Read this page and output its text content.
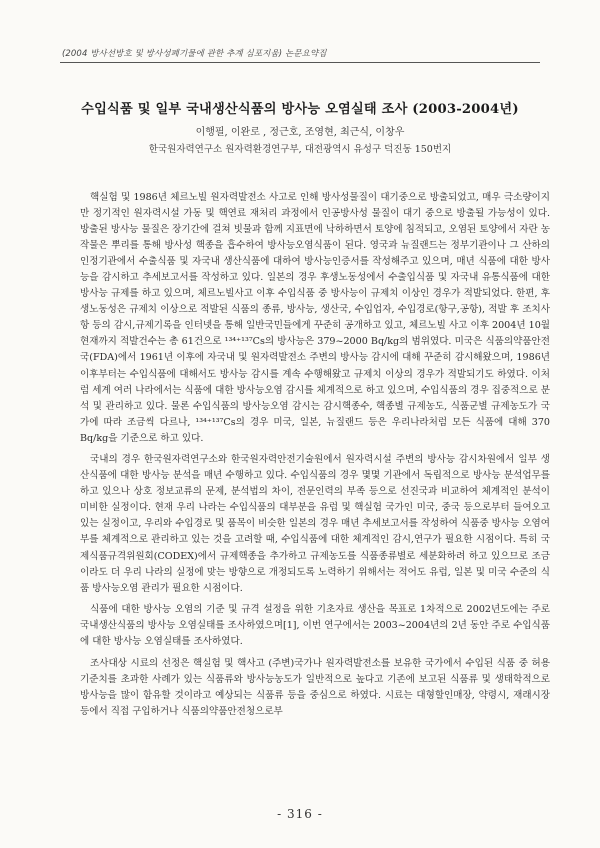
(2004 방사선방호 및 방사성폐기물에 관한 추계 심포지움) 논문요약집
수입식품 및 일부 국내생산식품의 방사능 오염실태 조사 (2003-2004년)
이행필, 이완로 , 정근호, 조영현, 최근식, 이창우
한국원자력연구소 원자력환경연구부, 대전광역시 유성구 덕진동 150번지

핵실험 및 1986년 체르노빌 원자력발전소 사고로 인해 방사성물질이 대기중으로 방출되었고, 매우 극소량이지만 정기적인 원자력시설 가동 및 핵연료 재처리 과정에서 인공방사성 물질이 대기 중으로 방출될 가능성이 있다. 방출된 방사능 물질은 장기간에 걸쳐 빗물과 함께 지표면에 낙하하면서 토양에 침적되고, 오염된 토양에서 자란 농작물은 뿌리를 통해 방사성 핵종을 흡수하여 방사능오염식품이 된다. 영국과 뉴질랜드는 정부기관이나 그 산하의 인정기관에서 수출식품 및 자국내 생산식품에 대하여 방사능인증서를 작성해주고 있으며, 매년 식품에 대한 방사능을 감시하고 추세보고서를 작성하고 있다. 일본의 경우 후생노동성에서 수출입식품 및 자국내 유통식품에 대한 방사능 규제를 하고 있으며, 체르노빌사고 이후 수입식품 중 방사능이 규제치 이상인 경우가 적발되었다. 한편, 후생노동성은 규제치 이상으로 적발된 식품의 종류, 방사능, 생산국, 수입업자, 수입경로(항구,공항), 적발 후 조치사항 등의 감시,규제기록을 인터넷을 통해 일반국민들에게 꾸준히 공개하고 있고, 체르노빌 사고 이후 2004년 10월 현재까지 적발건수는 총 61건으로 ¹³⁴⁺¹³⁷Cs의 방사능은 379~2000 Bq/kg의 범위였다. 미국은 식품의약품안전국(FDA)에서 1961년 이후에 자국내 및 원자력발전소 주변의 방사능 감시에 대해 꾸준히 감시해왔으며, 1986년 이후부터는 수입식품에 대해서도 방사능 감시를 계속 수행해왔고 규제치 이상의 경우가 적발되기도 하였다. 이처럼 세계 여러 나라에서는 식품에 대한 방사능오염 감시를 체계적으로 하고 있으며, 수입식품의 경우 집중적으로 분석 및 관리하고 있다. 물론 수입식품의 방사능오염 감시는 감시핵종수, 핵종별 규제농도, 식품군별 규제농도가 국가에 따라 조금씩 다르나, ¹³⁴⁺¹³⁷Cs의 경우 미국, 일본, 뉴질랜드 등은 우리나라처럼 모든 식품에 대해 370 Bq/kg을 기준으로 하고 있다.

국내의 경우 한국원자력연구소와 한국원자력안전기술원에서 원자력시설 주변의 방사능 감시차원에서 일부 생산식품에 대한 방사능 분석을 매년 수행하고 있다. 수입식품의 경우 몇몇 기관에서 독립적으로 방사능 분석업무를 하고 있으나 상호 정보교류의 문제, 분석법의 차이, 전문인력의 부족 등으로 선진국과 비교하여 체계적인 분석이 미비한 실정이다. 현재 우리 나라는 수입식품의 대부분을 유럽 및 핵실험 국가인 미국, 중국 등으로부터 들여오고 있는 실정이고, 우리와 수입경로 및 품목이 비슷한 일본의 경우 매년 추세보고서를 작성하여 식품중 방사능 오염여부를 체계적으로 관리하고 있는 것을 고려할 때, 수입식품에 대한 체계적인 감시,연구가 필요한 시점이다. 특히 국제식품규격위원회(CODEX)에서 규제핵종을 추가하고 규제농도를 식품종류별로 세분화하려 하고 있으므로 조금이라도 더 우리 나라의 실정에 맞는 방향으로 개정되도록 노력하기 위해서는 적어도 유럽, 일본 및 미국 수준의 식품 방사능오염 관리가 필요한 시점이다.

식품에 대한 방사능 오염의 기준 및 규격 설정을 위한 기초자료 생산을 목표로 1차적으로 2002년도에는 주로 국내생산식품의 방사능 오염실태를 조사하였으며[1], 이번 연구에서는 2003~2004년의 2년 동안 주로 수입식품에 대한 방사능 오염실태를 조사하였다.

조사대상 시료의 선정은 핵실험 및 핵사고 (주변)국가나 원자력발전소를 보유한 국가에서 수입된 식품 중 허용기준치를 초과한 사례가 있는 식품류와 방사능농도가 일반적으로 높다고 기존에 보고된 식품류 및 생태학적으로 방사능을 많이 함유할 것이라고 예상되는 식품류 등을 중심으로 하였다. 시료는 대형할인매장, 약령시, 재래시장 등에서 직접 구입하거나 식품의약품안전청으로부

- 316 -
